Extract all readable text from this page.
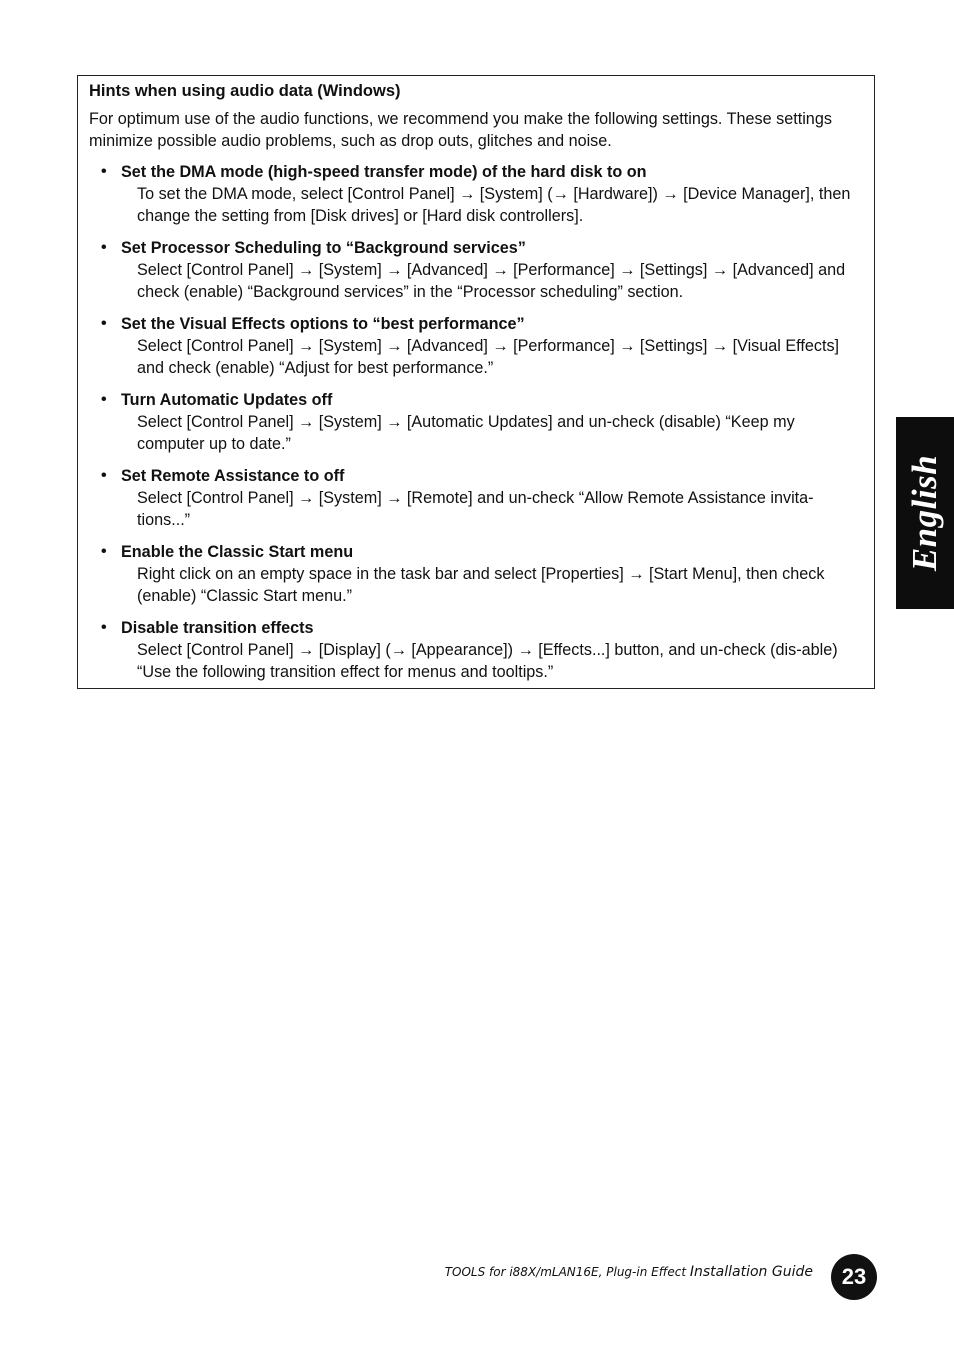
Hints when using audio data (Windows)
For optimum use of the audio functions, we recommend you make the following settings. These settings minimize possible audio problems, such as drop outs, glitches and noise.
• Set the DMA mode (high-speed transfer mode) of the hard disk to on
To set the DMA mode, select [Control Panel] → [System] (→ [Hardware]) → [Device Manager], then change the setting from [Disk drives] or [Hard disk controllers].
• Set Processor Scheduling to “Background services”
Select [Control Panel] → [System] → [Advanced] → [Performance] → [Settings] → [Advanced] and check (enable) “Background services” in the “Processor scheduling” section.
• Set the Visual Effects options to “best performance”
Select [Control Panel] → [System] → [Advanced] → [Performance] → [Settings] → [Visual Effects] and check (enable) “Adjust for best performance.”
• Turn Automatic Updates off
Select [Control Panel] → [System] → [Automatic Updates] and un-check (disable) “Keep my computer up to date.”
• Set Remote Assistance to off
Select [Control Panel] → [System] → [Remote] and un-check “Allow Remote Assistance invita-tions...”
• Enable the Classic Start menu
Right click on an empty space in the task bar and select [Properties] → [Start Menu], then check (enable) “Classic Start menu.”
• Disable transition effects
Select [Control Panel] → [Display] (→ [Appearance]) → [Effects...] button, and un-check (dis-able) “Use the following transition effect for menus and tooltips.”
English
TOOLS for i88X/mLAN16E, Plug-in Effect Installation Guide	23
